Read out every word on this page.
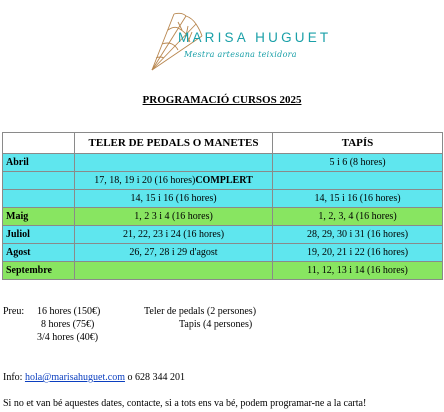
MARISA HUGUET
Mestra artesana teixidora
PROGRAMACIÓ CURSOS 2025
	TELER DE PEDALS O MANETES	TAPÍS
Abril		5 i 6 (8 hores)
	17, 18, 19 i 20 (16 hores)COMPLERT	
	14, 15 i 16 (16 hores)	14, 15 i 16 (16 hores)
Maig	1, 2 3 i 4 (16 hores)	1, 2, 3, 4 (16 hores)
Juliol	21, 22, 23 i 24 (16 hores)	28, 29, 30 i 31 (16 hores)
Agost	26, 27, 28 i 29 d'agost	19, 20, 21 i 22 (16 hores)
Septembre		11, 12, 13 i 14 (16 hores)
Preu: 16 hores (150€)
8 hores (75€)
3/4 hores (40€)
Teler de pedals (2 persones)
Tapis (4 persones)
Info: hola@marisahuguet.com o 628 344 201
Si no et van bé aquestes dates, contacte, si a tots ens va bé, podem programar-ne a la carta!
